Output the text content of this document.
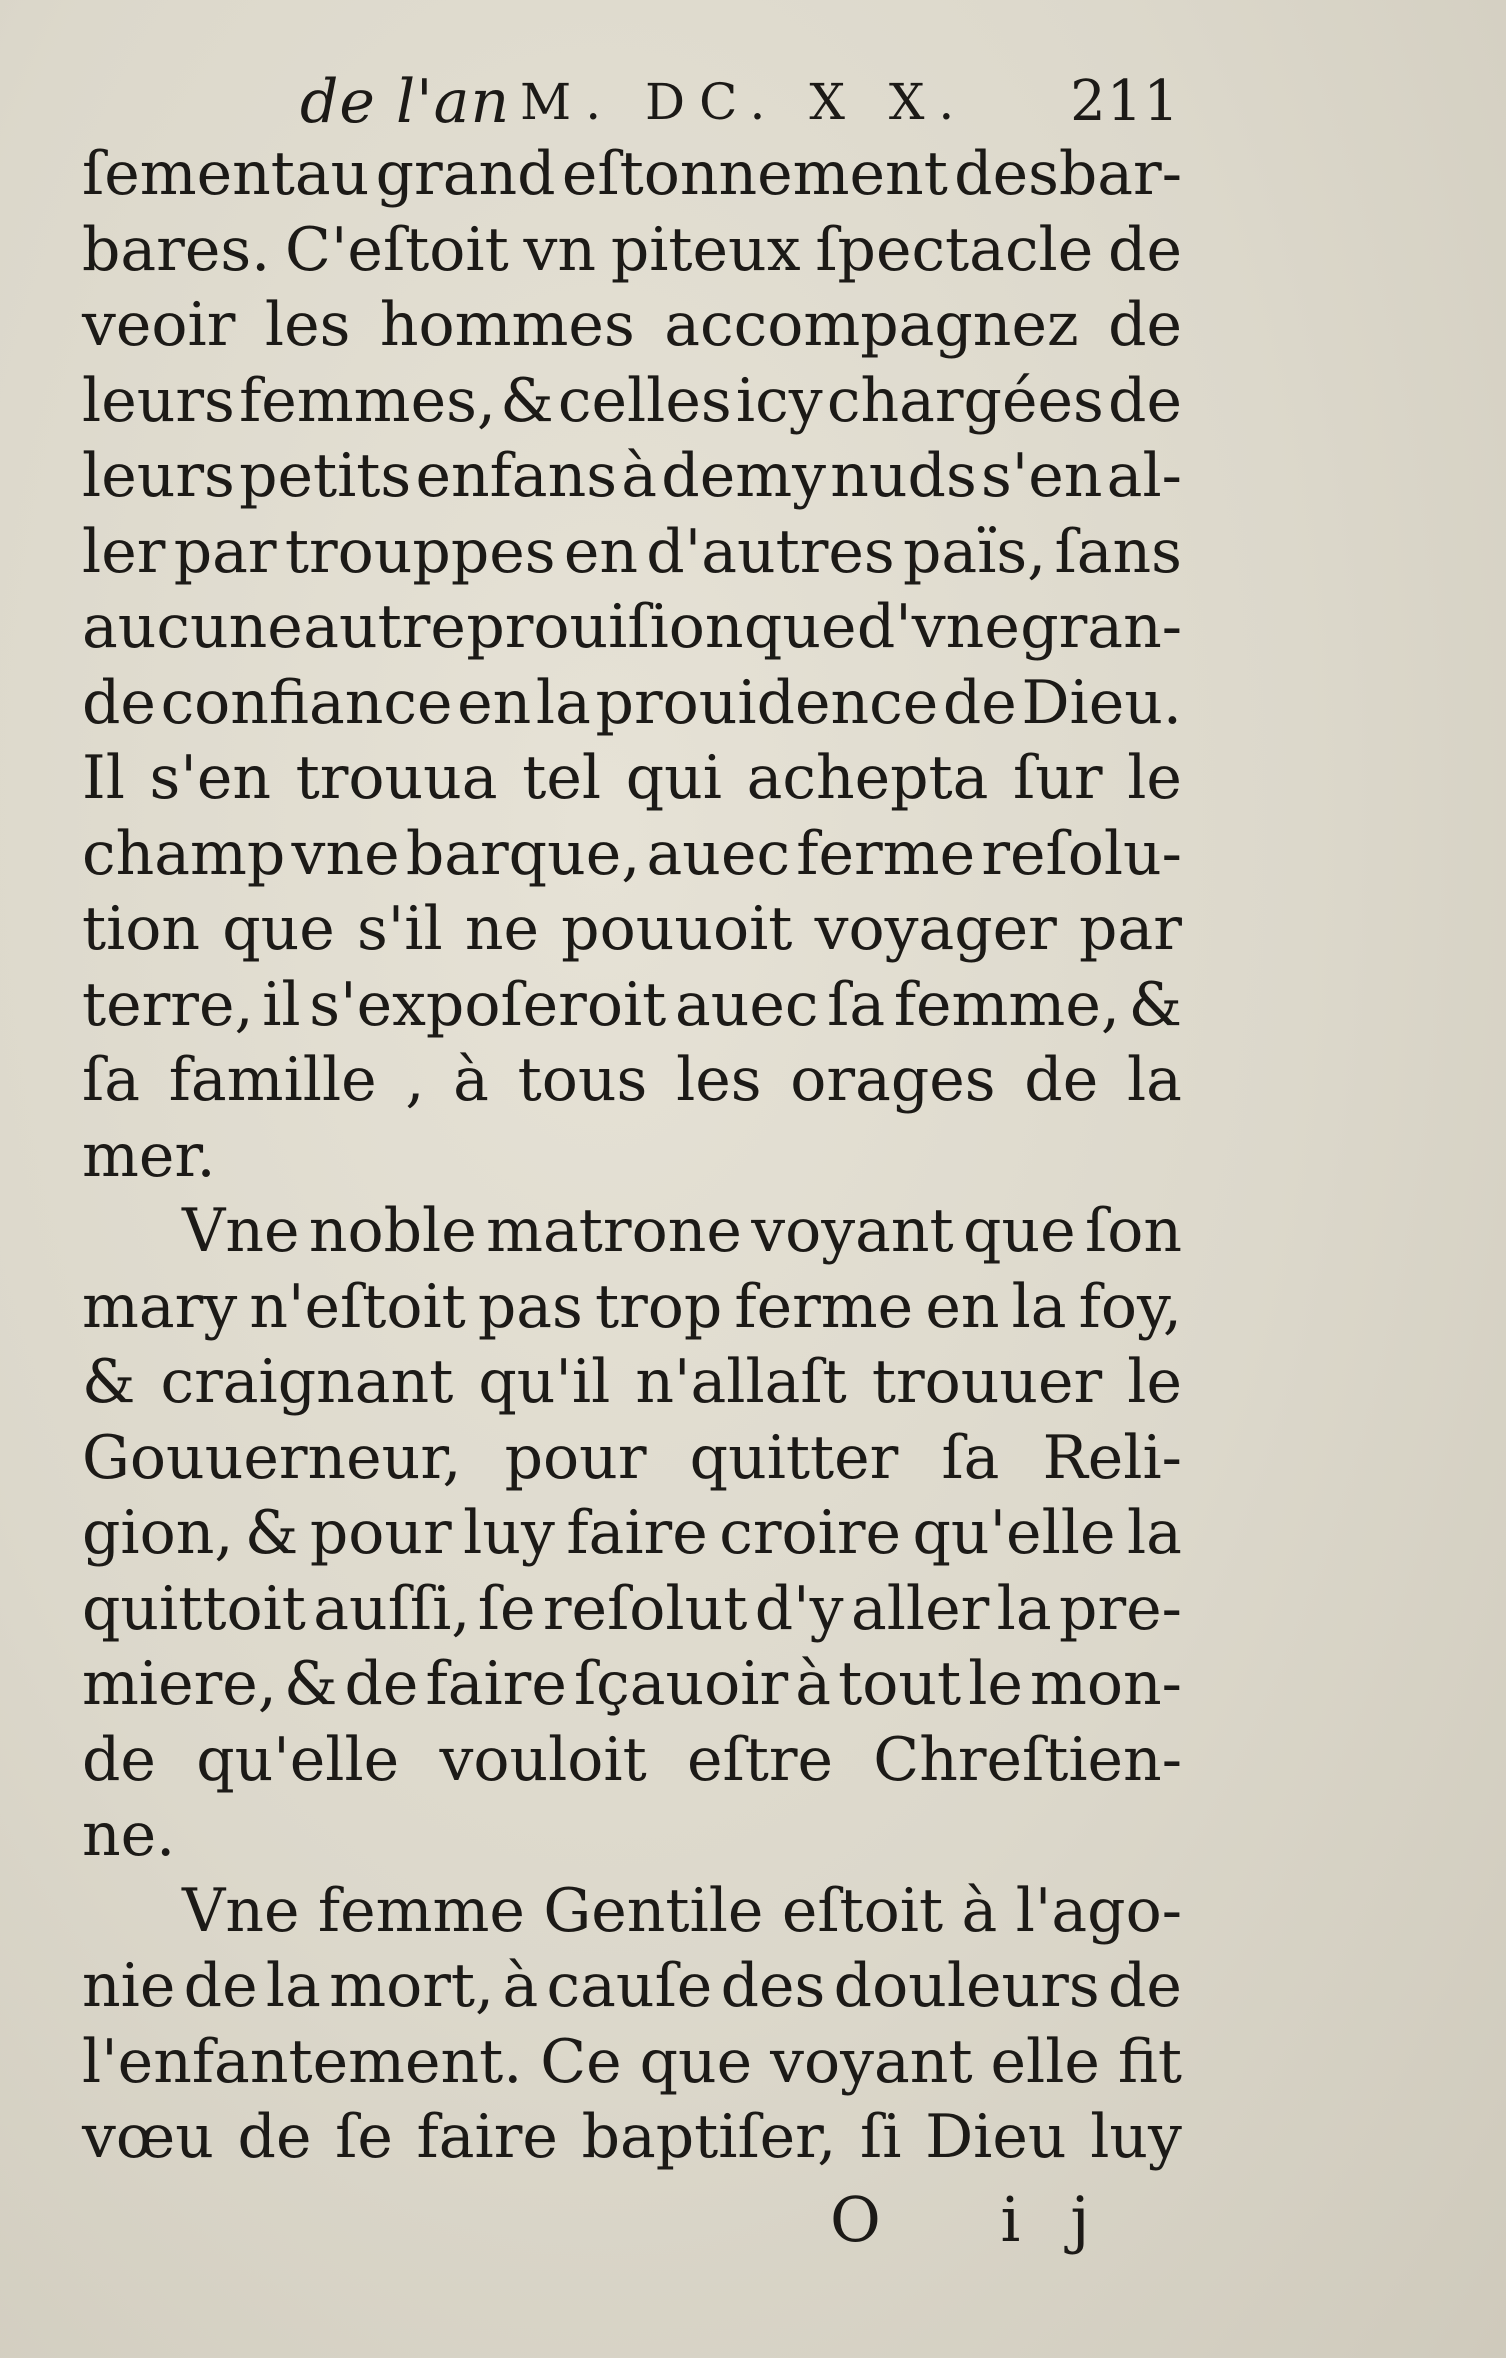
de l'an M. DC. X X. 211
ſementau grand eſtonnement desbar-
bares. C'eſtoit vn piteux ſpectacle de
veoir les hommes accompagnez de
leurs femmes, & celles icy chargées de
leurs petits enfans à demy nuds s'en al-
ler par trouppes en d'autres païs, ſans
aucune autre prouiſion que d'vne gran-
de confiance en la prouidence de Dieu.
Il s'en trouua tel qui achepta ſur le
champ vne barque, auec ferme reſolu-
tion que s'il ne pouuoit voyager par
terre, il s'expoſeroit auec ſa femme, &
ſa famille , à tous les orages de la
mer.
Vne noble matrone voyant que ſon
mary n'eſtoit pas trop ferme en la foy,
& craignant qu'il n'allaſt trouuer le
Gouuerneur, pour quitter ſa Reli-
gion, & pour luy faire croire qu'elle la
quittoit auſſi, ſe reſolut d'y aller la pre-
miere, & de faire ſçauoir à tout le mon-
de qu'elle vouloit eſtre Chreſtien-
ne.
Vne femme Gentile eſtoit à l'ago-
nie de la mort, à cauſe des douleurs de
l'enfantement. Ce que voyant elle fit
vœu de ſe faire baptiſer, ſi Dieu luy
O ij
